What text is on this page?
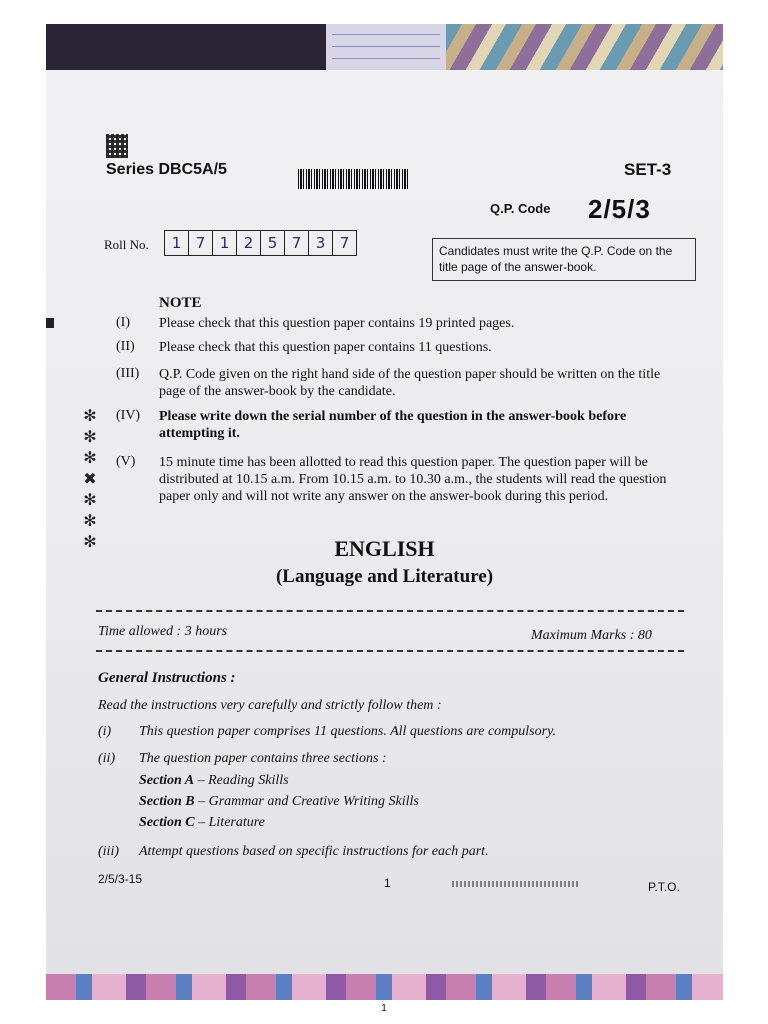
Series DBC5A/5	SET-3
Q.P. Code 2/5/3
Roll No.	1 7 1 2 5 7 3 7	Candidates must write the Q.P. Code on the title page of the answer-book.
NOTE
(I) Please check that this question paper contains 19 printed pages.
(II) Please check that this question paper contains 11 questions.
(III) Q.P. Code given on the right hand side of the question paper should be written on the title page of the answer-book by the candidate.
(IV) Please write down the serial number of the question in the answer-book before attempting it.
(V) 15 minute time has been allotted to read this question paper. The question paper will be distributed at 10.15 a.m. From 10.15 a.m. to 10.30 a.m., the students will read the question paper only and will not write any answer on the answer-book during this period.
✻
✻
✻
✖
✻
✻
✻	ENGLISH
(Language and Literature)
Time allowed : 3 hours	Maximum Marks : 80
General Instructions :
Read the instructions very carefully and strictly follow them :
(i) This question paper comprises 11 questions. All questions are compulsory.
(ii) The question paper contains three sections :
Section A – Reading Skills
Section B – Grammar and Creative Writing Skills
Section C – Literature
(iii) Attempt questions based on specific instructions for each part.
2/5/3-15	1	P.T.O.
1
